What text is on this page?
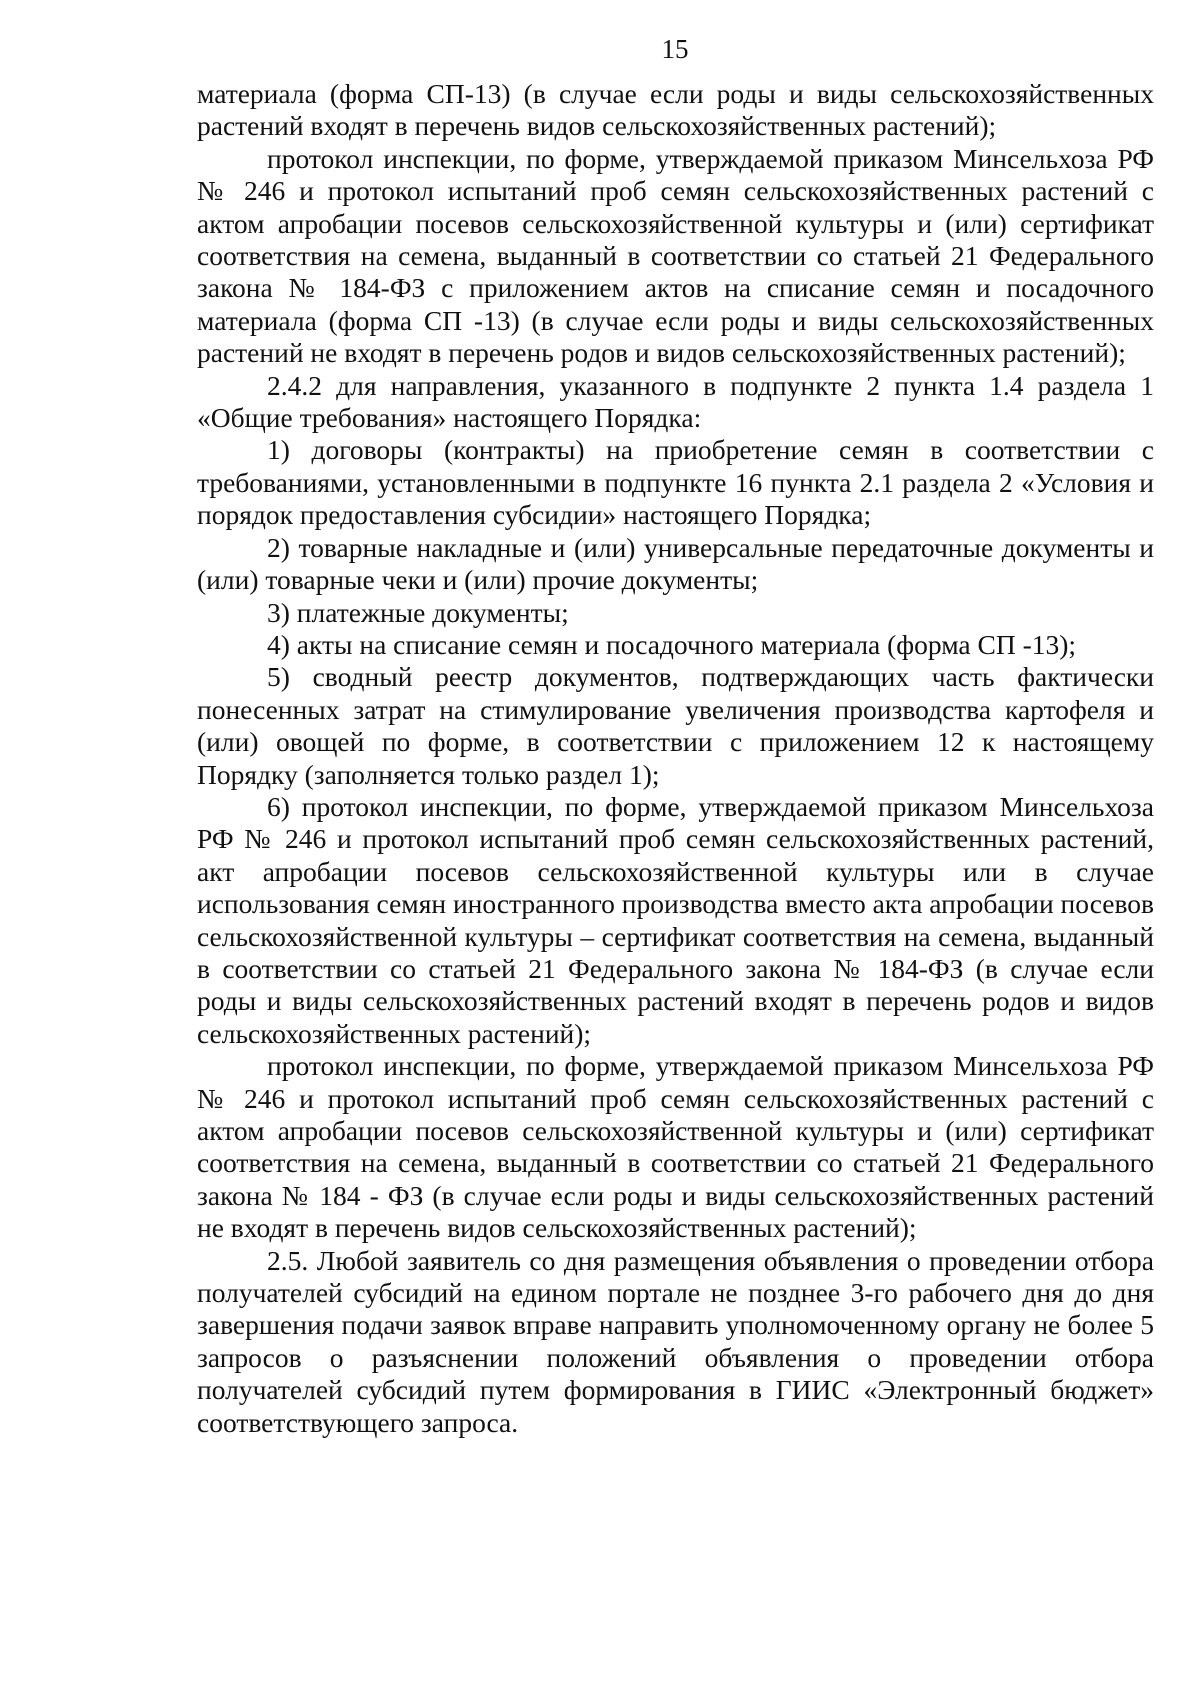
15

материала (форма СП-13) (в случае если роды и виды сельскохозяйственных растений входят в перечень видов сельскохозяйственных растений);

протокол инспекции, по форме, утверждаемой приказом Минсельхоза РФ № 246 и протокол испытаний проб семян сельскохозяйственных растений с актом апробации посевов сельскохозяйственной культуры и (или) сертификат соответствия на семена, выданный в соответствии со статьей 21 Федерального закона № 184-ФЗ с приложением актов на списание семян и посадочного материала (форма СП -13) (в случае если роды и виды сельскохозяйственных растений не входят в перечень родов и видов сельскохозяйственных растений);

2.4.2 для направления, указанного в подпункте 2 пункта 1.4 раздела 1 «Общие требования» настоящего Порядка:

1) договоры (контракты) на приобретение семян в соответствии с требованиями, установленными в подпункте 16 пункта 2.1 раздела 2 «Условия и порядок предоставления субсидии» настоящего Порядка;

2) товарные накладные и (или) универсальные передаточные документы и (или) товарные чеки и (или) прочие документы;

3) платежные документы;

4) акты на списание семян и посадочного материала (форма СП -13);

5) сводный реестр документов, подтверждающих часть фактически понесенных затрат на стимулирование увеличения производства картофеля и (или) овощей по форме, в соответствии с приложением 12 к настоящему Порядку (заполняется только раздел 1);

6) протокол инспекции, по форме, утверждаемой приказом Минсельхоза РФ № 246 и протокол испытаний проб семян сельскохозяйственных растений, акт апробации посевов сельскохозяйственной культуры или в случае использования семян иностранного производства вместо акта апробации посевов сельскохозяйственной культуры – сертификат соответствия на семена, выданный в соответствии со статьей 21 Федерального закона № 184-ФЗ (в случае если роды и виды сельскохозяйственных растений входят в перечень родов и видов сельскохозяйственных растений);

протокол инспекции, по форме, утверждаемой приказом Минсельхоза РФ № 246 и протокол испытаний проб семян сельскохозяйственных растений с актом апробации посевов сельскохозяйственной культуры и (или) сертификат соответствия на семена, выданный в соответствии со статьей 21 Федерального закона № 184 - ФЗ (в случае если роды и виды сельскохозяйственных растений не входят в перечень видов сельскохозяйственных растений);

2.5. Любой заявитель со дня размещения объявления о проведении отбора получателей субсидий на едином портале не позднее 3-го рабочего дня до дня завершения подачи заявок вправе направить уполномоченному органу не более 5 запросов о разъяснении положений объявления о проведении отбора получателей субсидий путем формирования в ГИИС «Электронный бюджет» соответствующего запроса.
